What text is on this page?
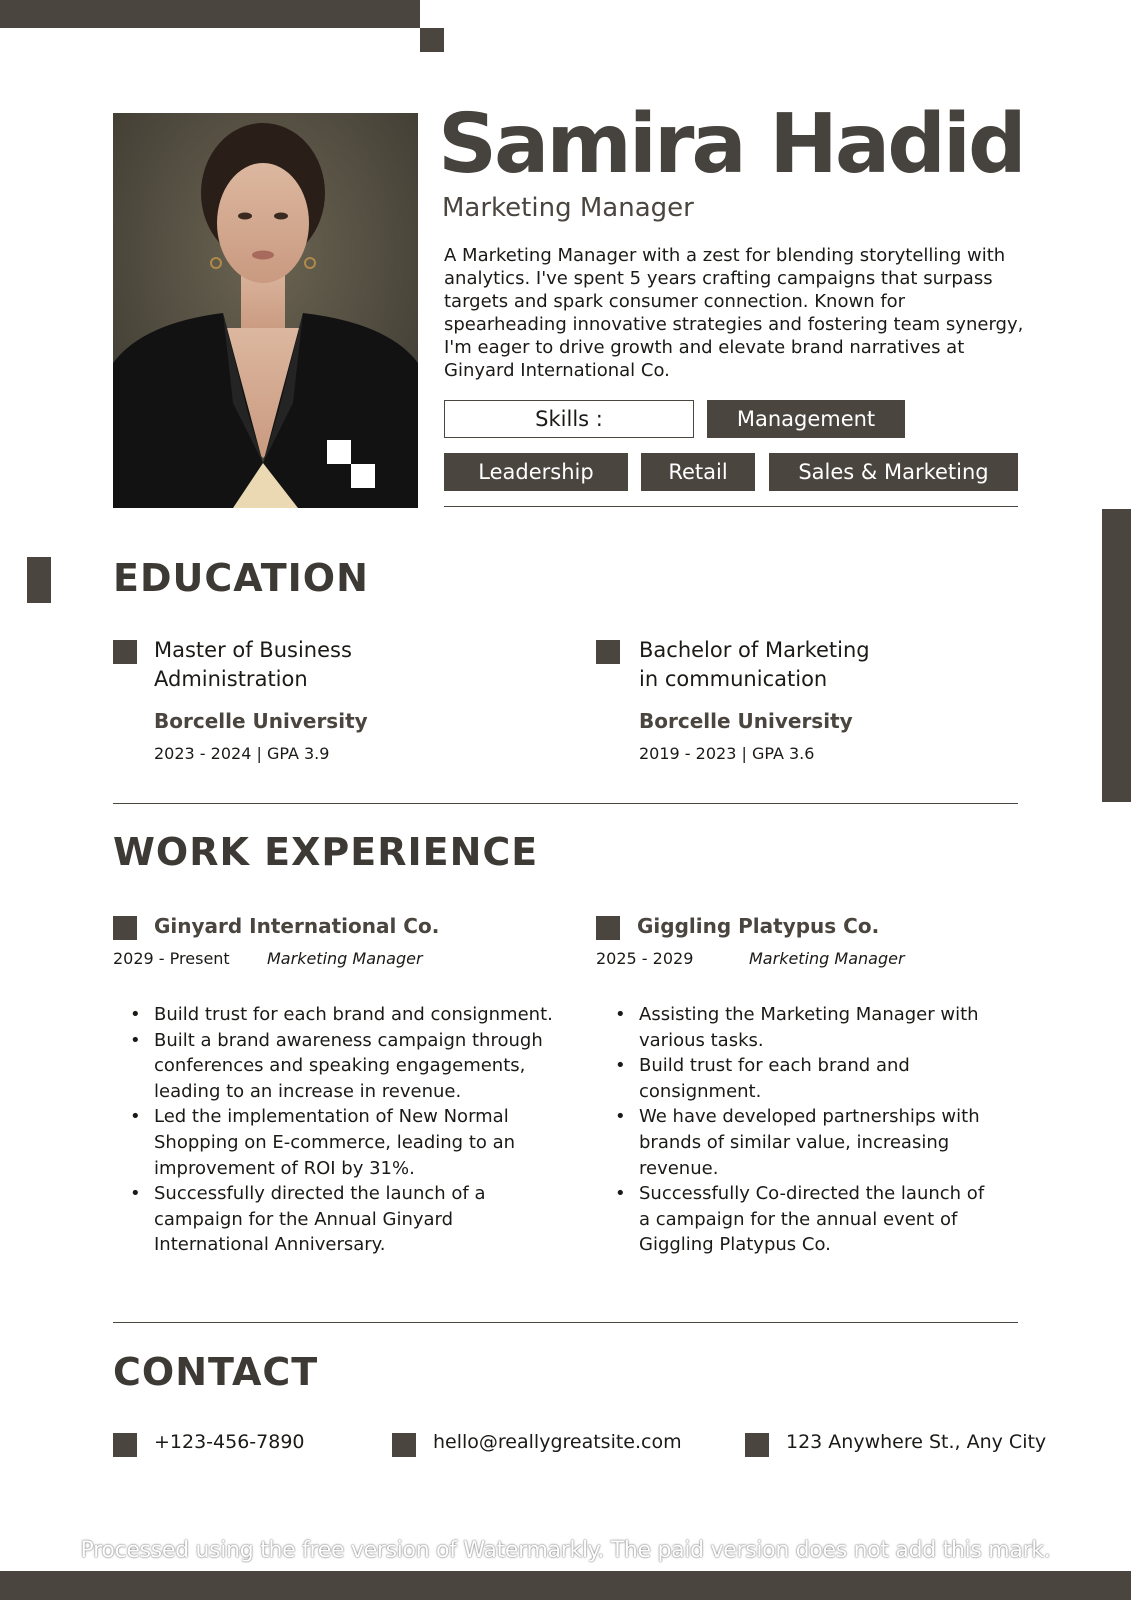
Samira Hadid
Marketing Manager

A Marketing Manager with a zest for blending storytelling with analytics. I've spent 5 years crafting campaigns that surpass targets and spark consumer connection. Known for spearheading innovative strategies and fostering team synergy, I'm eager to drive growth and elevate brand narratives at Ginyard International Co.

Skills :	Management
Leadership	Retail	Sales & Marketing
EDUCATION
Master of Business
Administration
Borcelle University
2023 - 2024 | GPA 3.9
Bachelor of Marketing
in communication
Borcelle University
2019 - 2023 | GPA 3.6
WORK EXPERIENCE
Ginyard International Co.
2029 - Present Marketing Manager
• Build trust for each brand and consignment.
• Built a brand awareness campaign through conferences and speaking engagements, leading to an increase in revenue.
• Led the implementation of New Normal Shopping on E-commerce, leading to an improvement of ROI by 31%.
• Successfully directed the launch of a campaign for the Annual Ginyard International Anniversary.
Giggling Platypus Co.
2025 - 2029	Marketing Manager
• Assisting the Marketing Manager with various tasks.
• Build trust for each brand and consignment.
• We have developed partnerships with brands of similar value, increasing revenue.
• Successfully Co-directed the launch of a campaign for the annual event of Giggling Platypus Co.
CONTACT
+123-456-7890	hello@reallygreatsite.com	123 Anywhere St., Any City
Processed using the free version of Watermarkly. The paid version does not add this mark.
